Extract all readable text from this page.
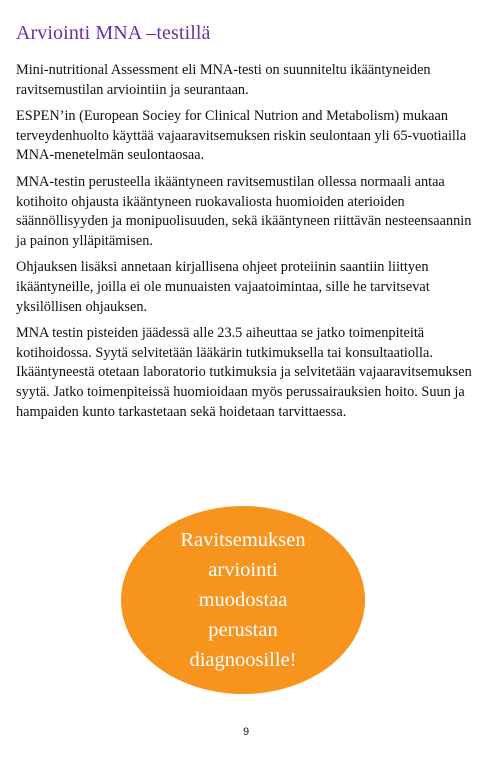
Arviointi MNA –testillä

Mini-nutritional Assessment eli MNA-testi on suunniteltu ikääntyneiden ravitsemustilan arviointiin ja seurantaan.

ESPEN’in (European Sociey for Clinical Nutrion and Metabolism) mukaan terveydenhuolto käyttää vajaaravitsemuksen riskin seulontaan yli 65-vuotiailla MNA-menetelmän seulontaosaa.

MNA-testin perusteella ikääntyneen ravitsemustilan ollessa normaali antaa kotihoito ohjausta ikääntyneen ruokavaliosta huomioiden aterioiden säännöllisyyden ja monipuolisuuden, sekä ikääntyneen riittävän nesteensaannin ja painon ylläpitämisen.

Ohjauksen lisäksi annetaan kirjallisena ohjeet proteiinin saantiin liittyen ikääntyneille, joilla ei ole munuaisten vajaatoimintaa, sille he tarvitsevat yksilöllisen ohjauksen.

MNA testin pisteiden jäädessä alle 23.5 aiheuttaa se jatko toimenpiteitä kotihoidossa. Syytä selvitetään lääkärin tutkimuksella tai konsultaatiolla. Ikääntyneestä otetaan laboratorio tutkimuksia ja selvitetään vajaaravitsemuksen syytä. Jatko toimenpiteissä huomioidaan myös perussairauksien hoito. Suun ja hampaiden kunto tarkastetaan sekä hoidetaan tarvittaessa.

Ravitsemuksen arviointi muodostaa perustan diagnoosille!
9
